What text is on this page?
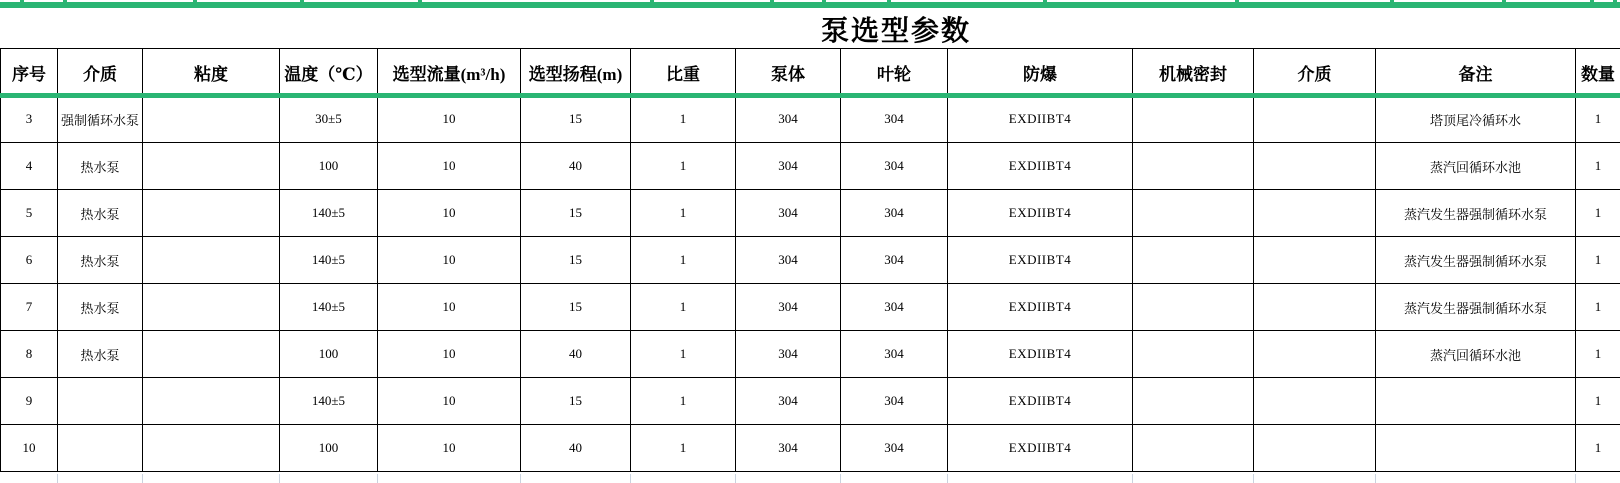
泵选型参数
序号	介质	粘度	温度（℃）	选型流量(m³/h)	选型扬程(m)	比重	泵体	叶轮	防爆	机械密封	介质	备注	数量
3	强制循环水泵		30±5	10	15	1	304	304	EXDIIBT4			塔顶尾冷循环水	1
4	热水泵		100	10	40	1	304	304	EXDIIBT4			蒸汽回循环水池	1
5	热水泵		140±5	10	15	1	304	304	EXDIIBT4			蒸汽发生器强制循环水泵	1
6	热水泵		140±5	10	15	1	304	304	EXDIIBT4			蒸汽发生器强制循环水泵	1
7	热水泵		140±5	10	15	1	304	304	EXDIIBT4			蒸汽发生器强制循环水泵	1
8	热水泵		100	10	40	1	304	304	EXDIIBT4			蒸汽回循环水池	1
9			140±5	10	15	1	304	304	EXDIIBT4				1
10			100	10	40	1	304	304	EXDIIBT4				1
